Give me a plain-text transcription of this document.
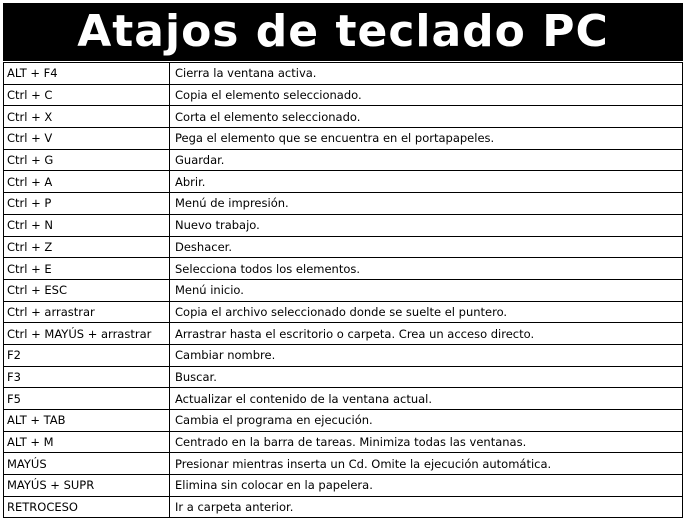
Atajos de teclado PC
ALT + F4	Cierra la ventana activa.
Ctrl + C	Copia el elemento seleccionado.
Ctrl + X	Corta el elemento seleccionado.
Ctrl + V	Pega el elemento que se encuentra en el portapapeles.
Ctrl + G	Guardar.
Ctrl + A	Abrir.
Ctrl + P	Menú de impresión.
Ctrl + N	Nuevo trabajo.
Ctrl + Z	Deshacer.
Ctrl + E	Selecciona todos los elementos.
Ctrl + ESC	Menú inicio.
Ctrl + arrastrar	Copia el archivo seleccionado donde se suelte el puntero.
Ctrl + MAYÚS + arrastrar	Arrastrar hasta el escritorio o carpeta. Crea un acceso directo.
F2	Cambiar nombre.
F3	Buscar.
F5	Actualizar el contenido de la ventana actual.
ALT + TAB	Cambia el programa en ejecución.
ALT + M	Centrado en la barra de tareas. Minimiza todas las ventanas.
MAYÚS	Presionar mientras inserta un Cd. Omite la ejecución automática.
MAYÚS + SUPR	Elimina sin colocar en la papelera.
RETROCESO	Ir a carpeta anterior.
